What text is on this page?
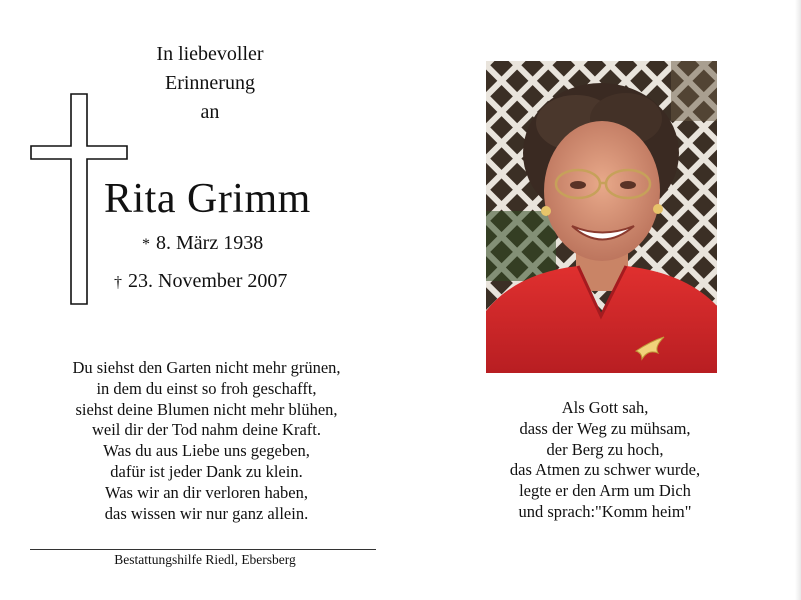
In liebevoller
Erinnerung
an
Rita Grimm
* 8. März 1938
† 23. November 2007
Du siehst den Garten nicht mehr grünen,
in dem du einst so froh geschafft,
siehst deine Blumen nicht mehr blühen,
weil dir der Tod nahm deine Kraft.
Was du aus Liebe uns gegeben,
dafür ist jeder Dank zu klein.
Was wir an dir verloren haben,
das wissen wir nur ganz allein.
Bestattungshilfe Riedl, Ebersberg
Als Gott sah,
dass der Weg zu mühsam,
der Berg zu hoch,
das Atmen zu schwer wurde,
legte er den Arm um Dich
und sprach:"Komm heim"
